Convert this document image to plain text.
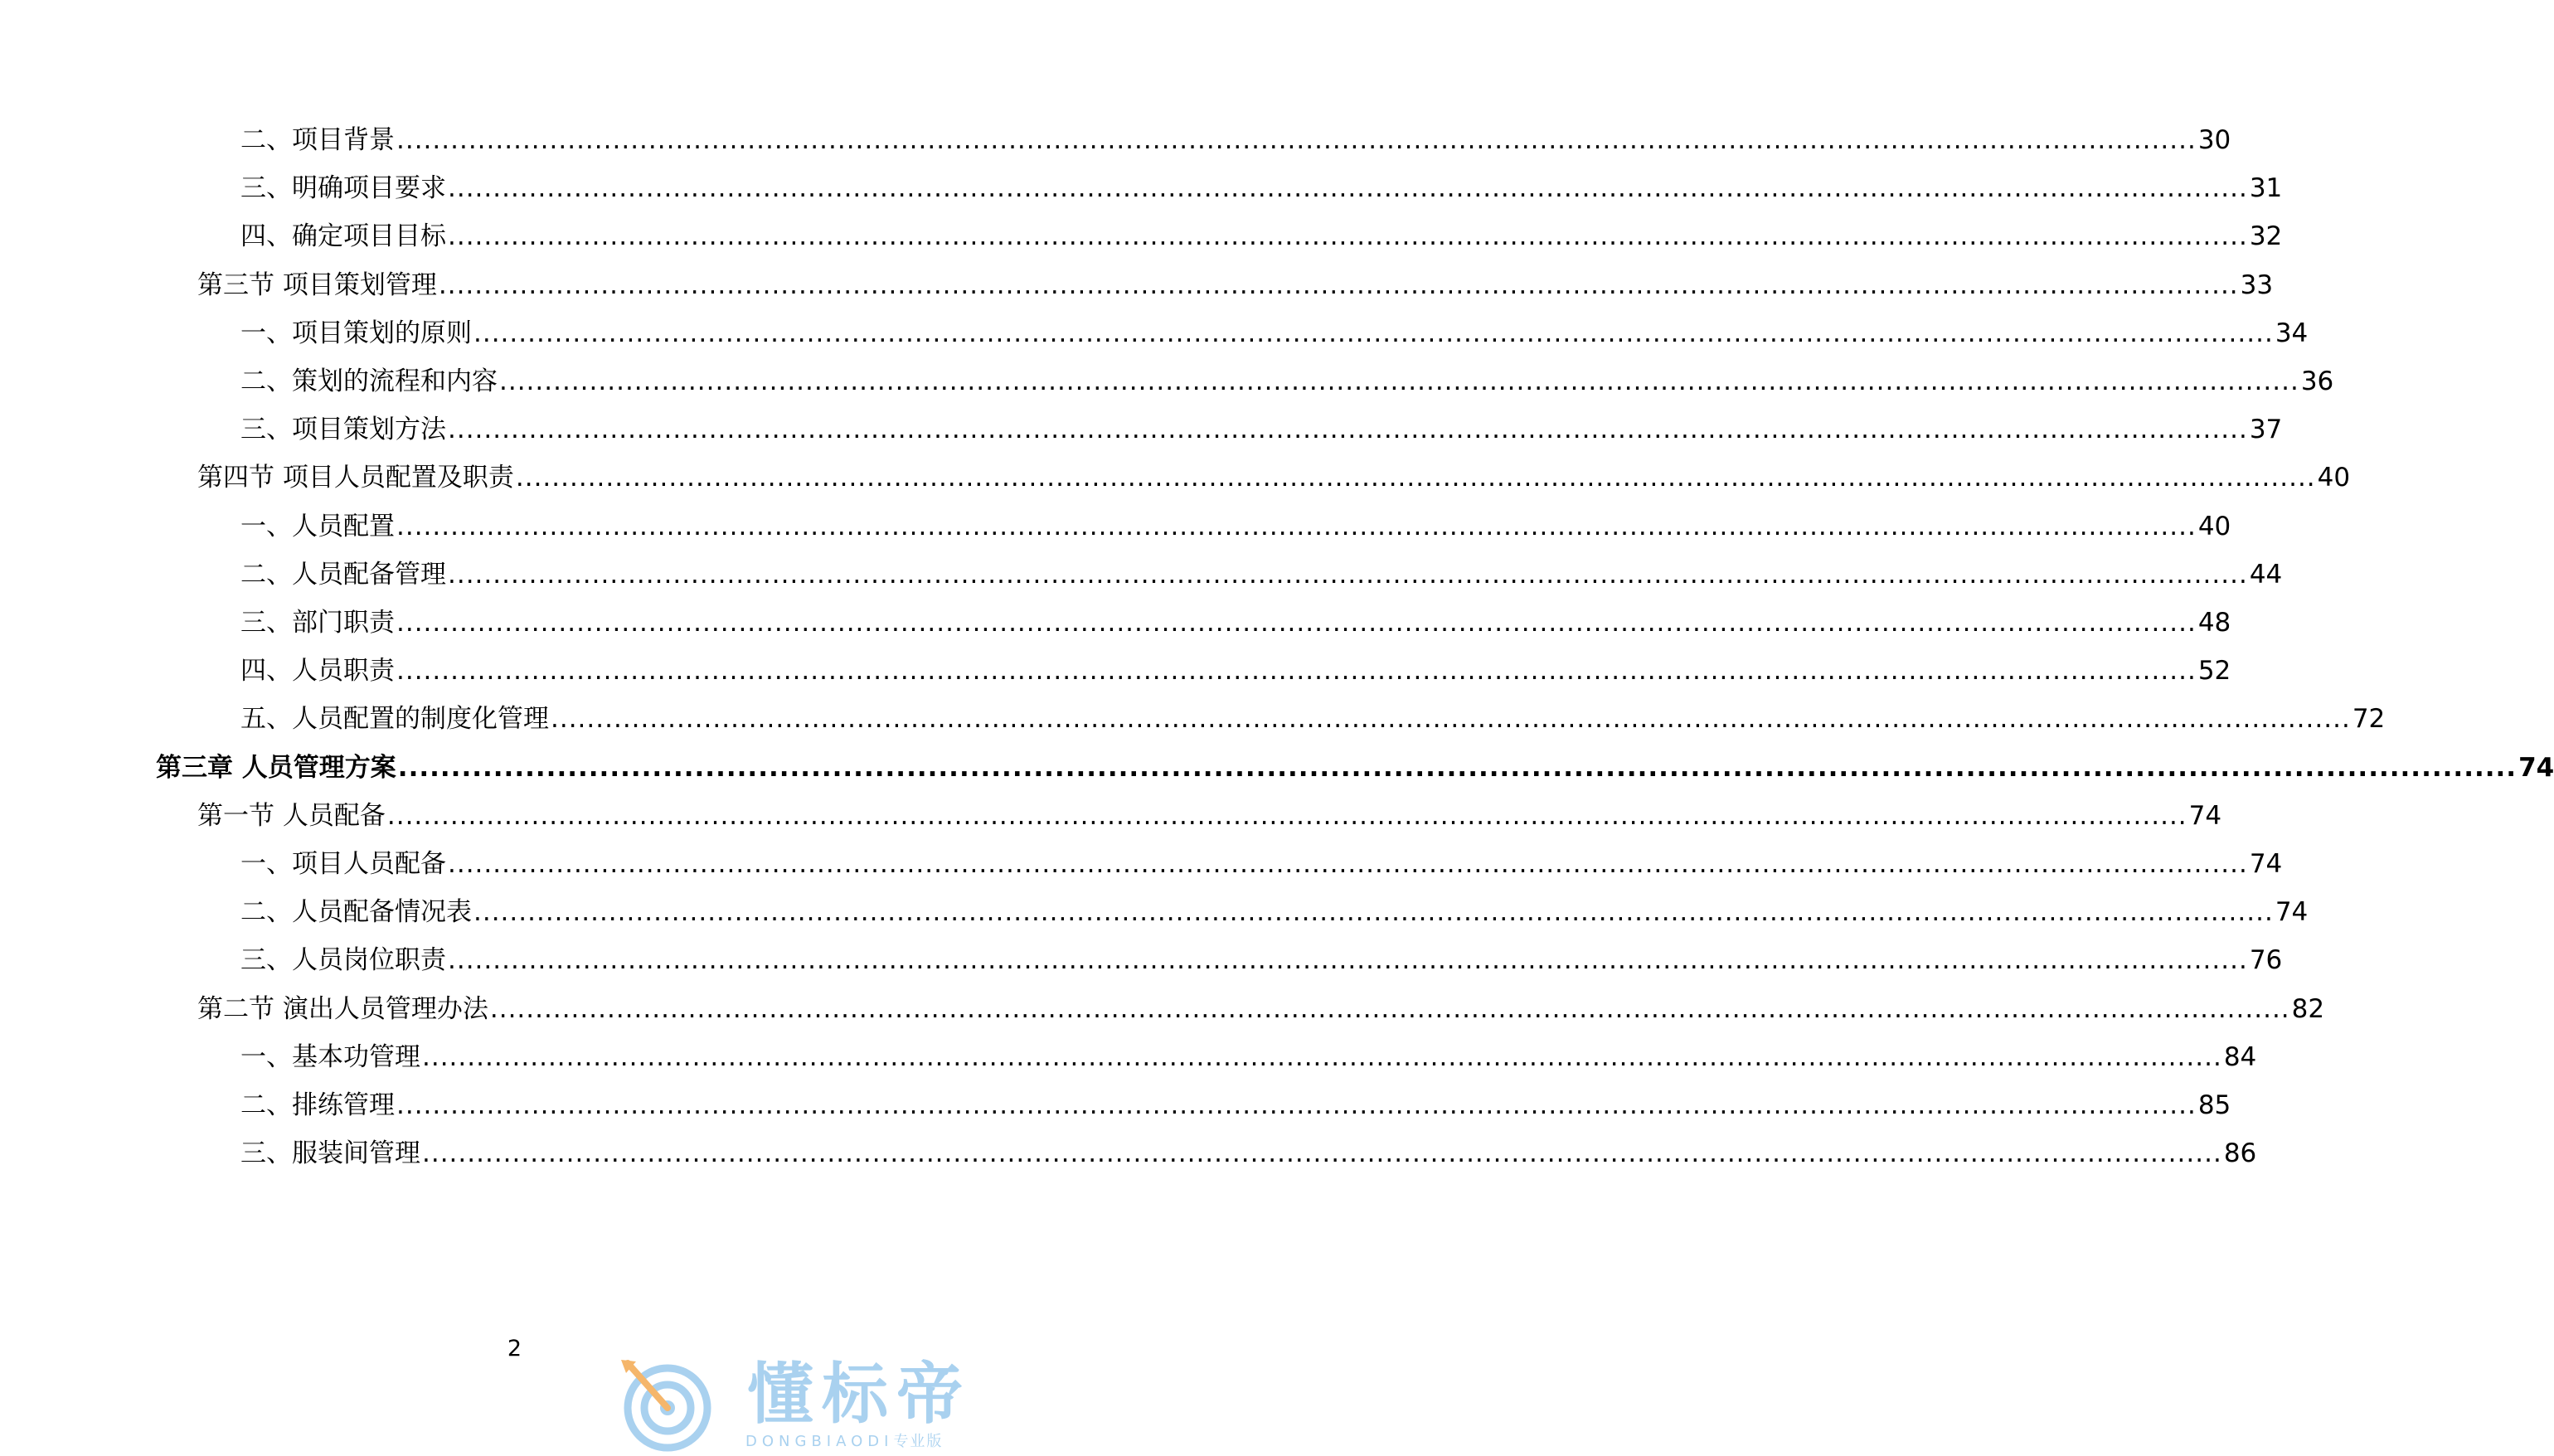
二、项目背景 ........................................................................................................................................................................................................ 30
三、明确项目要求 ........................................................................................................................................................................................................ 31
四、确定项目目标 ........................................................................................................................................................................................................ 32
第三节 项目策划管理 ........................................................................................................................................................................................................ 33
一、项目策划的原则 ........................................................................................................................................................................................................ 34
二、策划的流程和内容 ........................................................................................................................................................................................................ 36
三、项目策划方法 ........................................................................................................................................................................................................ 37
第四节 项目人员配置及职责 ........................................................................................................................................................................................................ 40
一、人员配置 ........................................................................................................................................................................................................ 40
二、人员配备管理 ........................................................................................................................................................................................................ 44
三、部门职责 ........................................................................................................................................................................................................ 48
四、人员职责 ........................................................................................................................................................................................................ 52
五、人员配置的制度化管理 ........................................................................................................................................................................................................ 72
第三章 人员管理方案 ........................................................................................................................................................................................................ 74
第一节 人员配备 ........................................................................................................................................................................................................ 74
一、项目人员配备 ........................................................................................................................................................................................................ 74
二、人员配备情况表 ........................................................................................................................................................................................................ 74
三、人员岗位职责 ........................................................................................................................................................................................................ 76
第二节 演出人员管理办法 ........................................................................................................................................................................................................ 82
一、基本功管理 ........................................................................................................................................................................................................ 84
二、排练管理 ........................................................................................................................................................................................................ 85
三、服装间管理 ........................................................................................................................................................................................................ 86
2
懂标帝
DONGBIAODI专业版
